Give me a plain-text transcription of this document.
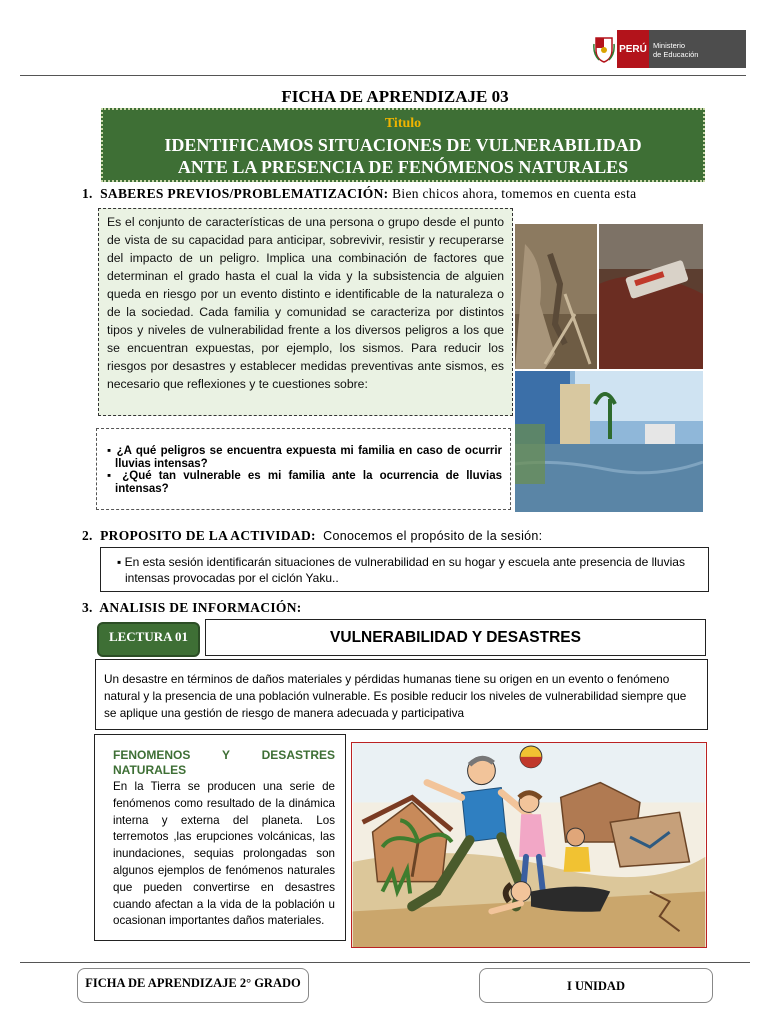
PERÚ Ministerio
de Educación
FICHA DE APRENDIZAJE 03
Titulo
IDENTIFICAMOS SITUACIONES DE VULNERABILIDAD
ANTE LA PRESENCIA DE FENÓMENOS NATURALES
1. SABERES PREVIOS/PROBLEMATIZACIÓN: Bien chicos ahora, tomemos en cuenta esta
Es el conjunto de características de una persona o grupo desde el punto de vista de su capacidad para anticipar, sobrevivir, resistir y recuperarse del impacto de un peligro. Implica una combinación de factores que determinan el grado hasta el cual la vida y la subsistencia de alguien queda en riesgo por un evento distinto e identificable de la naturaleza o de la sociedad. Cada familia y comunidad se caracteriza por distintos tipos y niveles de vulnerabilidad frente a los diversos peligros a los que se encuentran expuestas, por ejemplo, los sismos. Para reducir los riesgos por desastres y establecer medidas preventivas ante sismos, es necesario que reflexiones y te cuestiones sobre:
▪ ¿A qué peligros se encuentra expuesta mi familia en caso de ocurrir lluvias intensas?
▪ ¿Qué tan vulnerable es mi familia ante la ocurrencia de lluvias intensas?
2. PROPOSITO DE LA ACTIVIDAD: Conocemos el propósito de la sesión:
▪ En esta sesión identificarán situaciones de vulnerabilidad en su hogar y escuela ante presencia de lluvias intensas provocadas por el ciclón Yaku..
3. ANALISIS DE INFORMACIÓN:
LECTURA 01	VULNERABILIDAD Y DESASTRES
Un desastre en términos de daños materiales y pérdidas humanas tiene su origen en un evento o fenómeno natural y la presencia de una población vulnerable. Es posible reducir los niveles de vulnerabilidad siempre que se aplique una gestión de riesgo de manera adecuada y participativa
FENOMENOS	Y	DESASTRES
NATURALES
En la Tierra se producen una serie de fenómenos como resultado de la dinámica interna y externa del planeta. Los terremotos ,las erupciones volcánicas, las inundaciones, sequias prolongadas son algunos ejemplos de fenómenos naturales que pueden convertirse en desastres cuando afectan a la vida de la población u ocasionan importantes daños materiales.
FICHA DE APRENDIZAJE 2° GRADO	I UNIDAD
